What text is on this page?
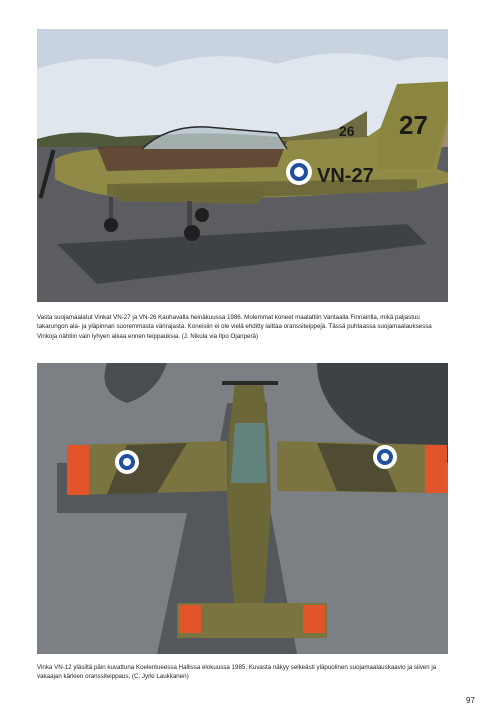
26 27
VN-27
Vasta suojamaalatut Vinkat VN-27 ja VN-26 Kauhavalla heinäkuussa 1986. Molemmat koneet maalattiin Vantaalla Finnairilla, mikä paljastuu takarungon ala- ja yläpinnan suoremmasta värirajasta. Koneisiin ei ole vielä ehditty laittaa oranssiteippejä. Tässä puhtaassa suojamaalauksessa Vinkoja nähtiin vain lyhyen aikaa ennen teippauksia. (J. Nikula via Ilpo Ojanperä)
Vinka VN-12 yläsiltä päin kuvattuna Koelentueessa Hallissa elokuussa 1985. Kuvasta näkyy selkeästi yläpuolinen suojamaalauskaavio ja siiven ja vakaajan kärkien oranssiteippaus. (C. Jyrki Laukkanen)
97
